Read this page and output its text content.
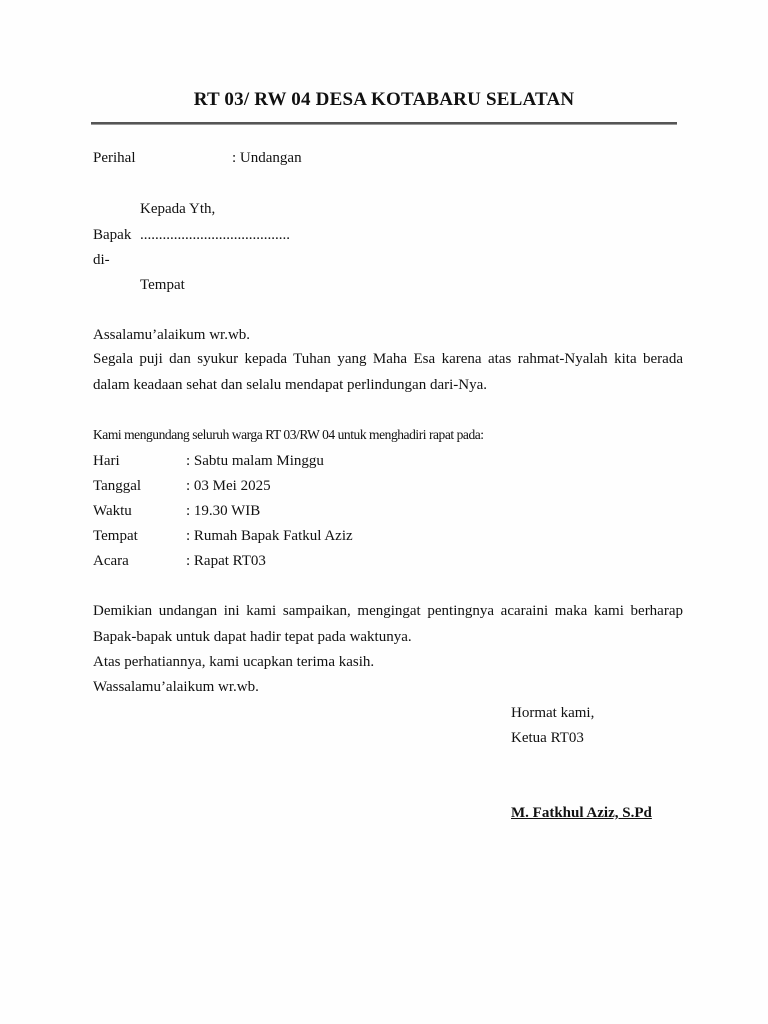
RT 03/ RW 04 DESA KOTABARU SELATAN
Perihal	: Undangan
Kepada Yth,
Bapak ........................................
di-
Tempat
Assalamu’alaikum wr.wb.
Segala puji dan syukur kepada Tuhan yang Maha Esa karena atas rahmat-Nyalah kita berada dalam keadaan sehat dan selalu mendapat perlindungan dari-Nya.
Kami mengundang seluruh warga RT 03/RW 04 untuk menghadiri rapat pada:
Hari	: Sabtu malam Minggu
Tanggal	: 03 Mei 2025
Waktu	: 19.30 WIB
Tempat	: Rumah Bapak Fatkul Aziz
Acara	: Rapat RT03
Demikian undangan ini kami sampaikan, mengingat pentingnya acaraini maka kami berharap Bapak-bapak untuk dapat hadir tepat pada waktunya.
Atas perhatiannya, kami ucapkan terima kasih.
Wassalamu’alaikum wr.wb.
Hormat kami,
Ketua RT03
M. Fatkhul Aziz, S.Pd
